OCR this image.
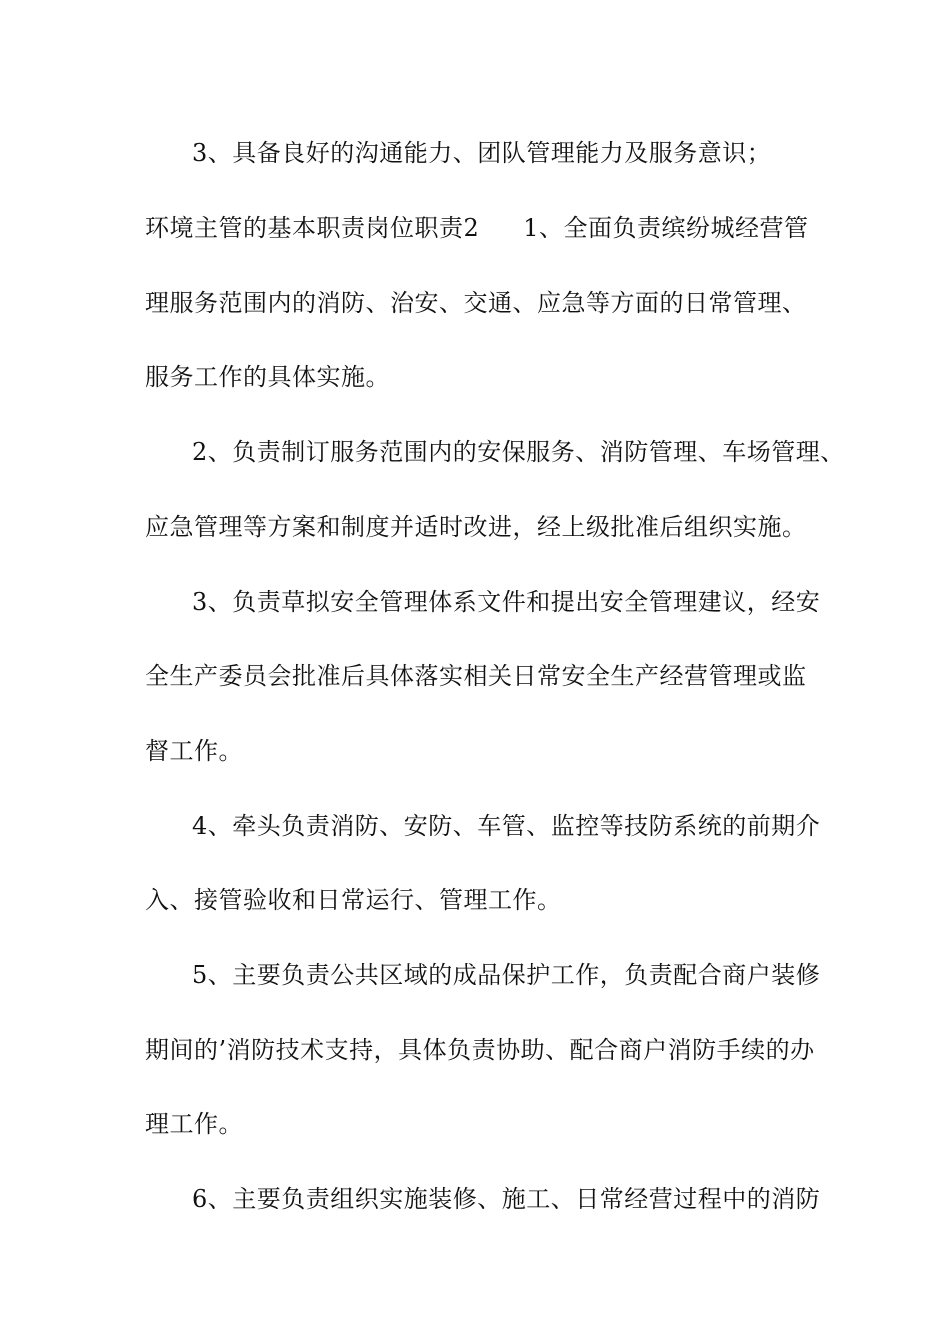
3、具备良好的沟通能力、团队管理能力及服务意识；
环境主管的基本职责岗位职责2 1、全面负责缤纷城经营管
理服务范围内的消防、治安、交通、应急等方面的日常管理、
服务工作的具体实施。
2、负责制订服务范围内的安保服务、消防管理、车场管理、
应急管理等方案和制度并适时改进，经上级批准后组织实施。
3、负责草拟安全管理体系文件和提出安全管理建议，经安
全生产委员会批准后具体落实相关日常安全生产经营管理或监
督工作。
4、牵头负责消防、安防、车管、监控等技防系统的前期介
入、接管验收和日常运行、管理工作。
5、主要负责公共区域的成品保护工作，负责配合商户装修
期间的’消防技术支持，具体负责协助、配合商户消防手续的办
理工作。
6、主要负责组织实施装修、施工、日常经营过程中的消防
